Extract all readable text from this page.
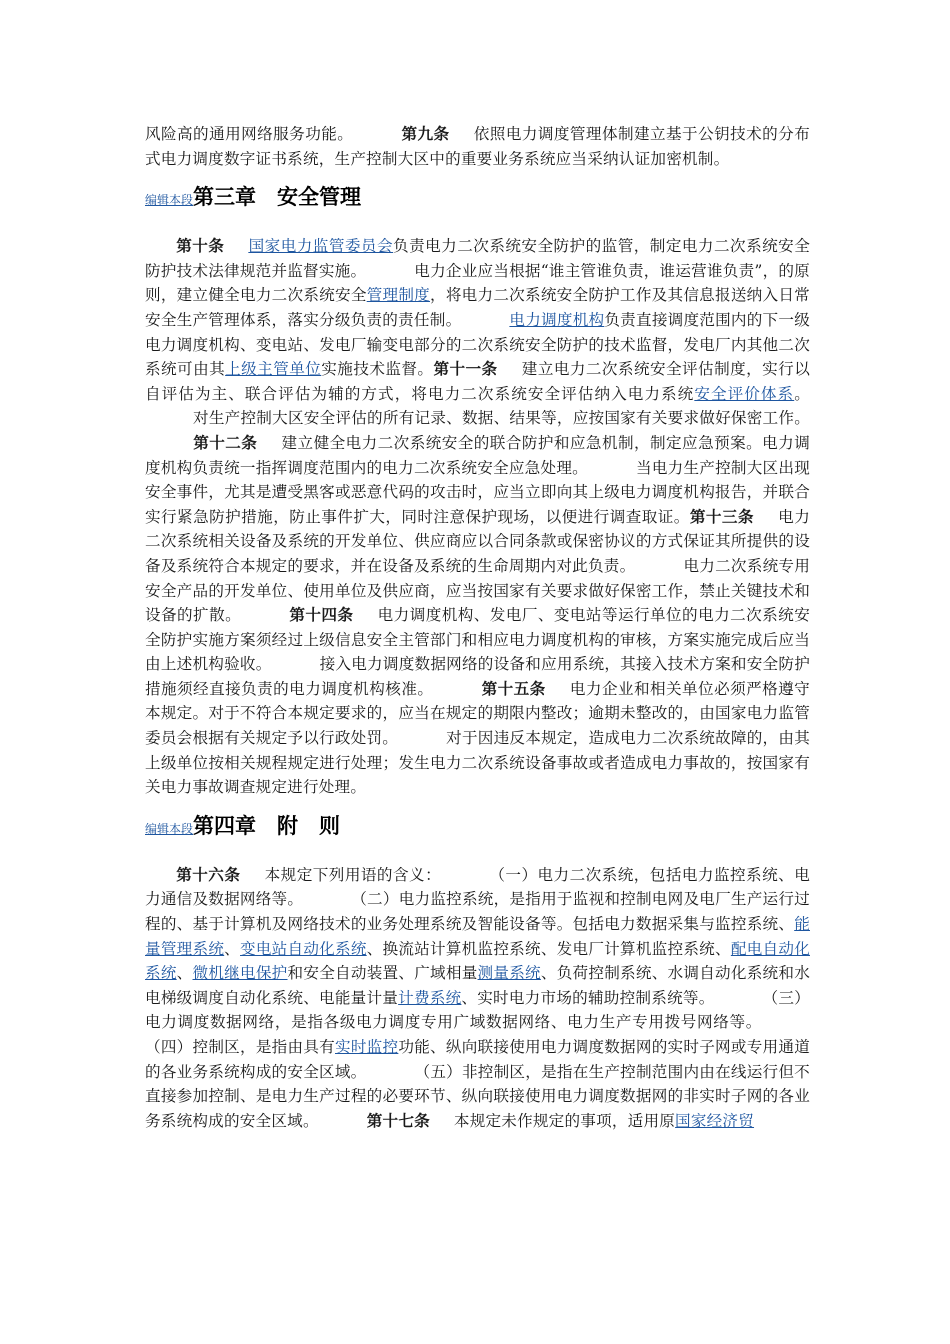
风险高的通用网络服务功能。	第九条 依照电力调度管理体制建立基于公钥技术的分布式电力调度数字证书系统，生产控制大区中的重要业务系统应当采纳认证加密机制。

编辑本段第三章　安全管理

第十条 国家电力监管委员会负责电力二次系统安全防护的监管，制定电力二次系统安全防护技术法律规范并监督实施。	电力企业应当根据“谁主管谁负责，谁运营谁负责”，的原则，建立健全电力二次系统安全管理制度，将电力二次系统安全防护工作及其信息报送纳入日常安全生产管理体系，落实分级负责的责任制。	电力调度机构负责直接调度范围内的下一级电力调度机构、变电站、发电厂输变电部分的二次系统安全防护的技术监督，发电厂内其他二次系统可由其上级主管单位实施技术监督。第十一条 建立电力二次系统安全评估制度，实行以自评估为主、联合评估为辅的方式，将电力二次系统安全评估纳入电力系统安全评价体系。对生产控制大区安全评估的所有记录、数据、结果等，应按国家有关要求做好保密工作。第十二条 建立健全电力二次系统安全的联合防护和应急机制，制定应急预案。电力调度机构负责统一指挥调度范围内的电力二次系统安全应急处理。	当电力生产控制大区出现安全事件，尤其是遭受黑客或恶意代码的攻击时，应当立即向其上级电力调度机构报告，并联合实行紧急防护措施，防止事件扩大，同时注意保护现场，以便进行调查取证。第十三条 电力二次系统相关设备及系统的开发单位、供应商应以合同条款或保密协议的方式保证其所提供的设备及系统符合本规定的要求，并在设备及系统的生命周期内对此负责。	电力二次系统专用安全产品的开发单位、使用单位及供应商，应当按国家有关要求做好保密工作，禁止关键技术和设备的扩散。	第十四条 电力调度机构、发电厂、变电站等运行单位的电力二次系统安全防护实施方案须经过上级信息安全主管部门和相应电力调度机构的审核，方案实施完成后应当由上述机构验收。	接入电力调度数据网络的设备和应用系统，其接入技术方案和安全防护措施须经直接负责的电力调度机构核准。	第十五条 电力企业和相关单位必须严格遵守本规定。对于不符合本规定要求的，应当在规定的期限内整改；逾期未整改的，由国家电力监管委员会根据有关规定予以行政处罚。	对于因违反本规定，造成电力二次系统故障的，由其上级单位按相关规程规定进行处理；发生电力二次系统设备事故或者造成电力事故的，按国家有关电力事故调查规定进行处理。

编辑本段第四章　附　则

第十六条 本规定下列用语的含义：	（一）电力二次系统，包括电力监控系统、电力通信及数据网络等。	（二）电力监控系统，是指用于监视和控制电网及电厂生产运行过程的、基于计算机及网络技术的业务处理系统及智能设备等。包括电力数据采集与监控系统、能量管理系统、变电站自动化系统、换流站计算机监控系统、发电厂计算机监控系统、配电自动化系统、微机继电保护和安全自动装置、广域相量测量系统、负荷控制系统、水调自动化系统和水电梯级调度自动化系统、电能量计量计费系统、实时电力市场的辅助控制系统等。	（三）电力调度数据网络，是指各级电力调度专用广域数据网络、电力生产专用拨号网络等。（四）控制区，是指由具有实时监控功能、纵向联接使用电力调度数据网的实时子网或专用通道的各业务系统构成的安全区域。	（五）非控制区，是指在生产控制范围内由在线运行但不直接参加控制、是电力生产过程的必要环节、纵向联接使用电力调度数据网的非实时子网的各业务系统构成的安全区域。	第十七条 本规定未作规定的事项，适用原国家经济贸
